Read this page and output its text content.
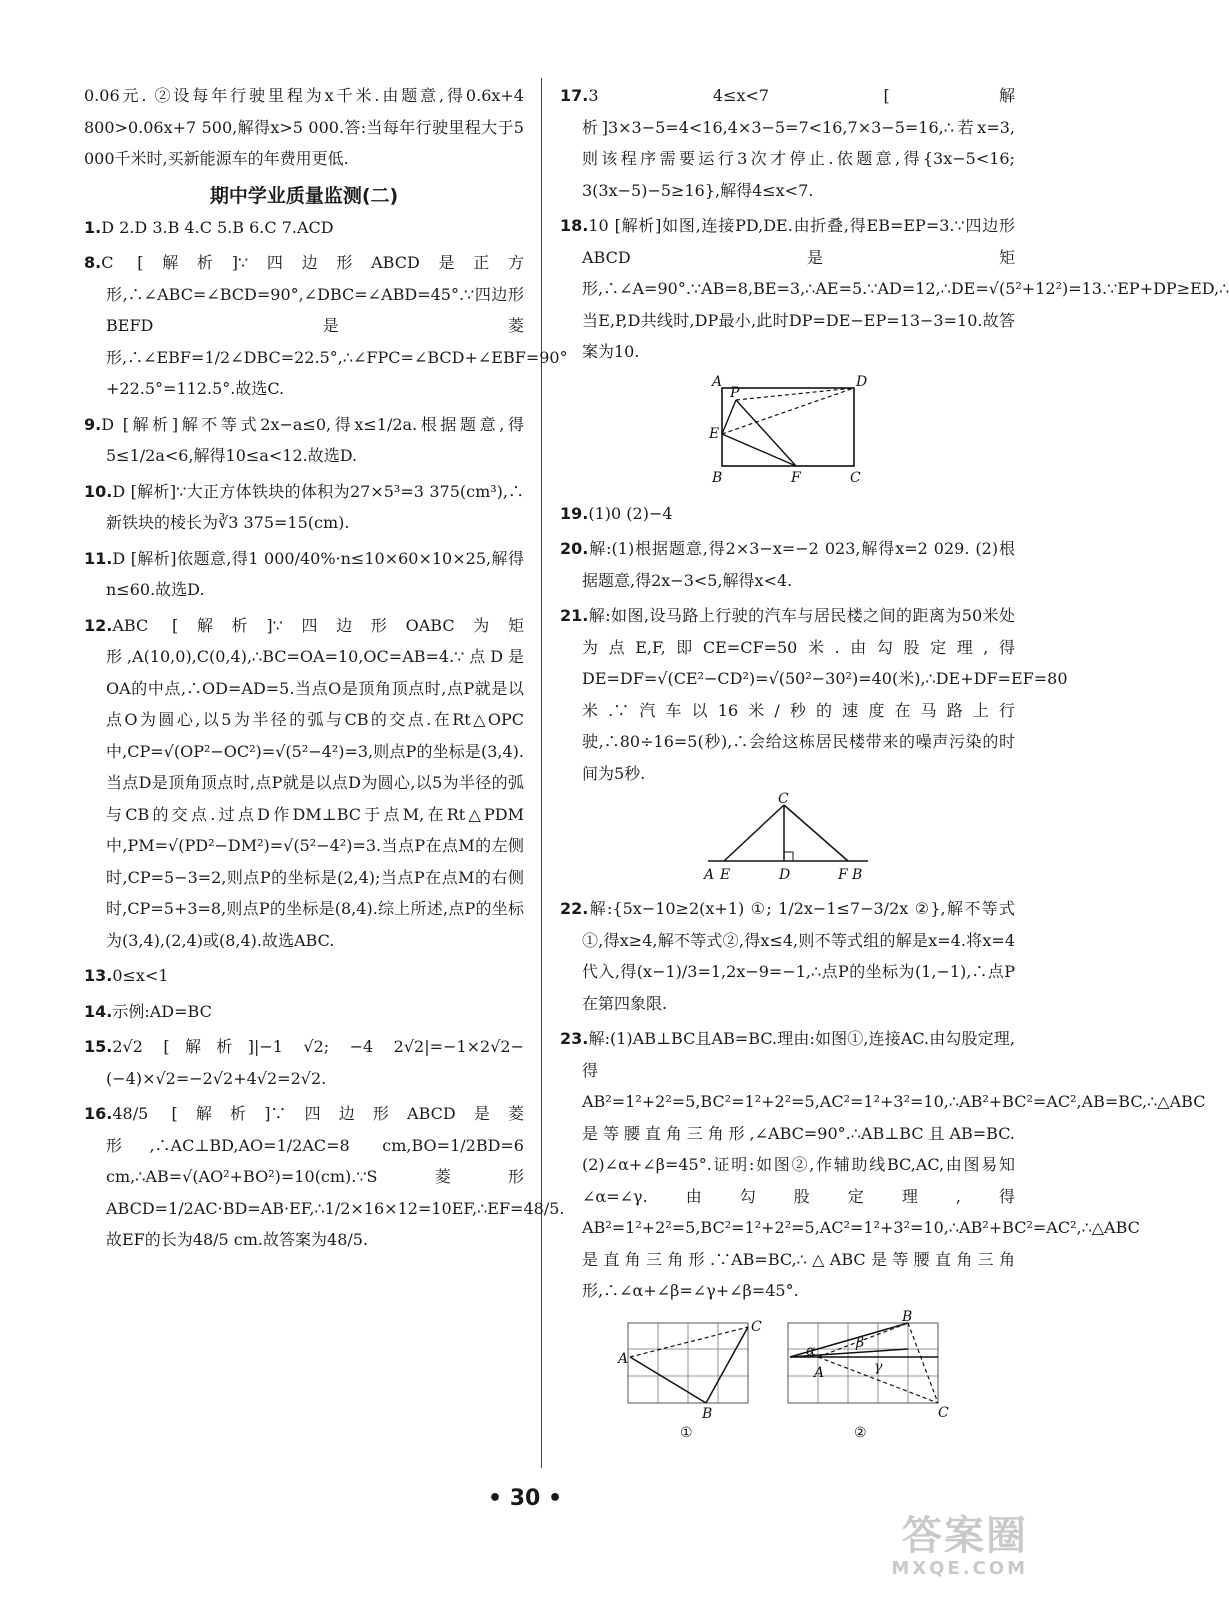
0.06元. ②设每年行驶里程为x千米.由题意,得0.6x+4 800>0.06x+7 500,解得x>5 000.答:当每年行驶里程大于5 000千米时,买新能源车的年费用更低.

期中学业质量监测(二)

1.D 2.D 3.B 4.C 5.B 6.C 7.ACD

8.C [解析]∵四边形ABCD是正方形,∴∠ABC=∠BCD=90°,∠DBC=∠ABD=45°.∵四边形BEFD是菱形,∴∠EBF=1/2∠DBC=22.5°,∴∠FPC=∠BCD+∠EBF=90°+22.5°=112.5°.故选C.

9.D [解析]解不等式2x−a≤0,得x≤1/2a.根据题意,得5≤1/2a<6,解得10≤a<12.故选D.

10.D [解析]∵大正方体铁块的体积为27×5³=3 375(cm³),∴新铁块的棱长为∛3 375=15(cm).

11.D [解析]依题意,得1 000/40%·n≤10×60×10×25,解得n≤60.故选D.

12.ABC [解析]∵四边形OABC为矩形,A(10,0),C(0,4),∴BC=OA=10,OC=AB=4.∵点D是OA的中点,∴OD=AD=5.当点O是顶角顶点时,点P就是以点O为圆心,以5为半径的弧与CB的交点.在Rt△OPC中,CP=√(OP²−OC²)=√(5²−4²)=3,则点P的坐标是(3,4).当点D是顶角顶点时,点P就是以点D为圆心,以5为半径的弧与CB的交点.过点D作DM⊥BC于点M,在Rt△PDM中,PM=√(PD²−DM²)=√(5²−4²)=3.当点P在点M的左侧时,CP=5−3=2,则点P的坐标是(2,4);当点P在点M的右侧时,CP=5+3=8,则点P的坐标是(8,4).综上所述,点P的坐标为(3,4),(2,4)或(8,4).故选ABC.

13.0≤x<1

14.示例:AD=BC

15.2√2 [解析]|−1 √2; −4 2√2|=−1×2√2−(−4)×√2=−2√2+4√2=2√2.

16.48/5 [解析]∵四边形ABCD是菱形,∴AC⊥BD,AO=1/2AC=8 cm,BO=1/2BD=6 cm,∴AB=√(AO²+BO²)=10(cm).∵S菱形ABCD=1/2AC·BD=AB·EF,∴1/2×16×12=10EF,∴EF=48/5.故EF的长为48/5 cm.故答案为48/5.

17.3 4≤x<7 [解析]3×3−5=4<16,4×3−5=7<16,7×3−5=16,∴若x=3,则该程序需要运行3次才停止.依题意,得{3x−5<16; 3(3x−5)−5≥16},解得4≤x<7.

18.10 [解析]如图,连接PD,DE.由折叠,得EB=EP=3.∵四边形ABCD是矩形,∴∠A=90°.∵AB=8,BE=3,∴AE=5.∵AD=12,∴DE=√(5²+12²)=13.∵EP+DP≥ED,∴当E,P,D共线时,DP最小,此时DP=DE−EP=13−3=10.故答案为10.

A	D
P
E
B	F	C

19.(1)0 (2)−4

20.解:(1)根据题意,得2×3−x=−2 023,解得x=2 029. (2)根据题意,得2x−3<5,解得x<4.

21.解:如图,设马路上行驶的汽车与居民楼之间的距离为50米处为点E,F,即CE=CF=50米.由勾股定理,得DE=DF=√(CE²−CD²)=√(50²−30²)=40(米),∴DE+DF=EF=80米.∵汽车以16米/秒的速度在马路上行驶,∴80÷16=5(秒),∴会给这栋居民楼带来的噪声污染的时间为5秒.

C
A E	D	F B

22.解:{5x−10≥2(x+1) ①; 1/2x−1≤7−3/2x ②},解不等式①,得x≥4,解不等式②,得x≤4,则不等式组的解是x=4.将x=4代入,得(x−1)/3=1,2x−9=−1,∴点P的坐标为(1,−1),∴点P在第四象限.

23.解:(1)AB⊥BC且AB=BC.理由:如图①,连接AC.由勾股定理,得AB²=1²+2²=5,BC²=1²+2²=5,AC²=1²+3²=10,∴AB²+BC²=AC²,AB=BC,∴△ABC是等腰直角三角形,∠ABC=90°.∴AB⊥BC且AB=BC. (2)∠α+∠β=45°.证明:如图②,作辅助线BC,AC,由图易知∠α=∠γ.由勾股定理,得AB²=1²+2²=5,BC²=1²+2²=5,AC²=1²+3²=10,∴AB²+BC²=AC²,∴△ABC是直角三角形.∵AB=BC,∴△ABC是等腰直角三角形,∴∠α+∠β=∠γ+∠β=45°.

A
B
C
①
B
A
C
α	β
γ
②
• 30 •
答案圈
MXQE.COM
